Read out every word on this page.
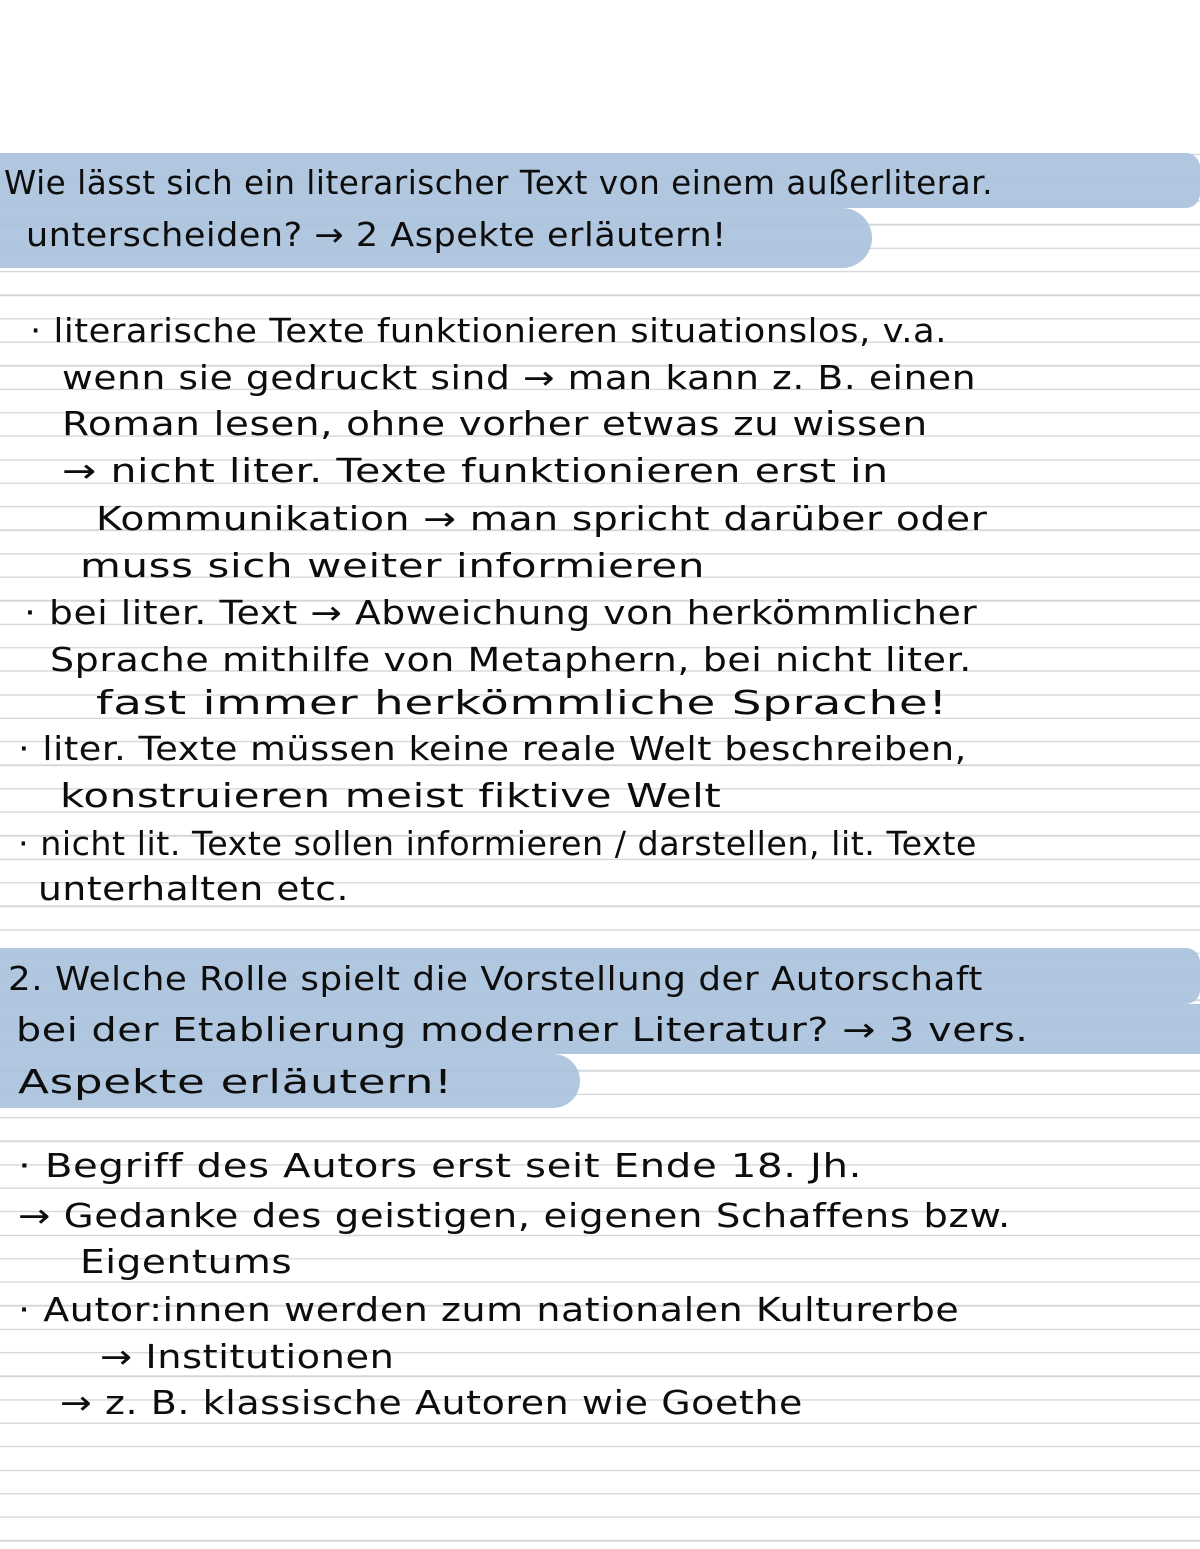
Wie lässt sich ein literarischer Text von einem außerliterar.
unterscheiden? → 2 Aspekte erläutern!
· literarische Texte funktionieren situationslos, v.a.
wenn sie gedruckt sind → man kann z. B. einen
Roman lesen, ohne vorher etwas zu wissen
→ nicht liter. Texte funktionieren erst in
Kommunikation → man spricht darüber oder
muss sich weiter informieren
· bei liter. Text → Abweichung von herkömmlicher
Sprache mithilfe von Metaphern, bei nicht liter.
fast immer herkömmliche Sprache!
· liter. Texte müssen keine reale Welt beschreiben,
konstruieren meist fiktive Welt
· nicht lit. Texte sollen informieren / darstellen, lit. Texte
unterhalten etc.
2. Welche Rolle spielt die Vorstellung der Autorschaft
bei der Etablierung moderner Literatur? → 3 vers.
Aspekte erläutern!
· Begriff des Autors erst seit Ende 18. Jh.
→ Gedanke des geistigen, eigenen Schaffens bzw.
Eigentums
· Autor:innen werden zum nationalen Kulturerbe
→ Institutionen
→ z. B. klassische Autoren wie Goethe
